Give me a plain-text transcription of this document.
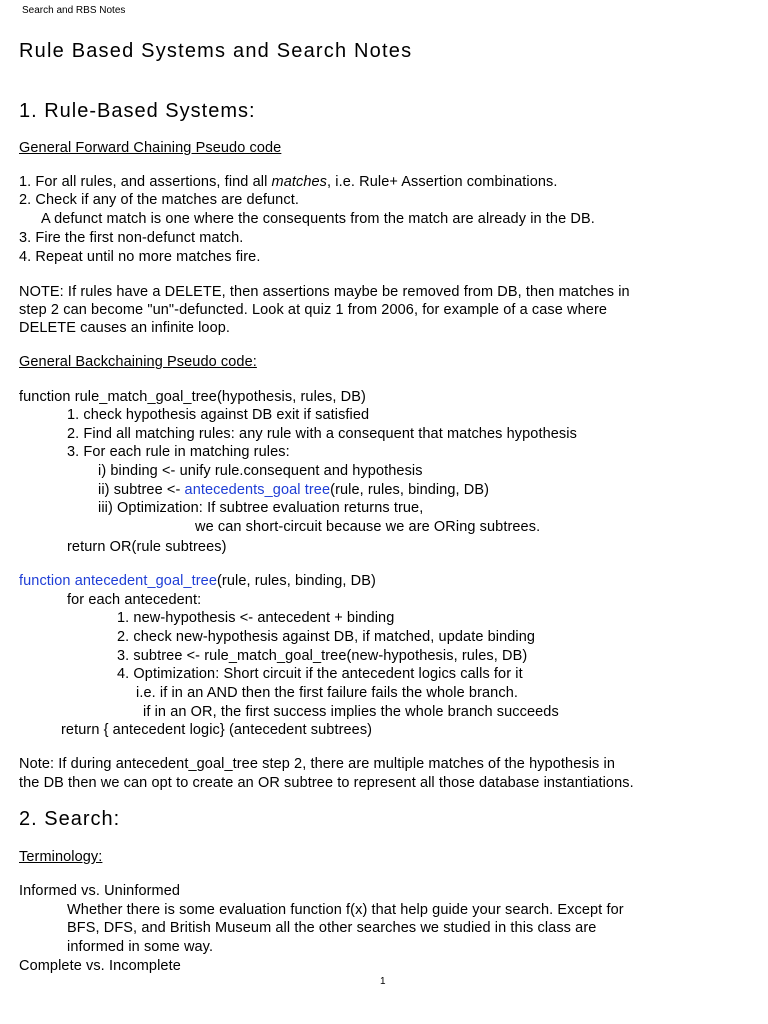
Search and RBS Notes
Rule Based Systems and Search Notes
1. Rule-Based Systems:
General Forward Chaining Pseudo code
1. For all rules, and assertions, find all matches, i.e. Rule+ Assertion combinations.
2. Check if any of the matches are defunct.
A defunct match is one where the consequents from the match are already in the DB.
3. Fire the first non-defunct match.
4. Repeat until no more matches fire.
NOTE: If rules have a DELETE, then assertions maybe be removed from DB, then matches in
step 2 can become "un"-defuncted. Look at quiz 1 from 2006, for example of a case where
DELETE causes an infinite loop.
General Backchaining Pseudo code:
function rule_match_goal_tree(hypothesis, rules, DB)
1. check hypothesis against DB exit if satisfied
2. Find all matching rules: any rule with a consequent that matches hypothesis
3. For each rule in matching rules:
i) binding <- unify rule.consequent and hypothesis
ii) subtree <- antecedents_goal tree(rule, rules, binding, DB)
iii) Optimization: If subtree evaluation returns true,
we can short-circuit because we are ORing subtrees.
return OR(rule subtrees)
function antecedent_goal_tree(rule, rules, binding, DB)
for each antecedent:
1. new-hypothesis <- antecedent + binding
2. check new-hypothesis against DB, if matched, update binding
3. subtree <- rule_match_goal_tree(new-hypothesis, rules, DB)
4. Optimization: Short circuit if the antecedent logics calls for it
i.e. if in an AND then the first failure fails the whole branch.
if in an OR, the first success implies the whole branch succeeds
return { antecedent logic} (antecedent subtrees)
Note: If during antecedent_goal_tree step 2, there are multiple matches of the hypothesis in
the DB then we can opt to create an OR subtree to represent all those database instantiations.
2. Search:
Terminology:
Informed vs. Uninformed
Whether there is some evaluation function f(x) that help guide your search. Except for
BFS, DFS, and British Museum all the other searches we studied in this class are
informed in some way.
Complete vs. Incomplete
1
